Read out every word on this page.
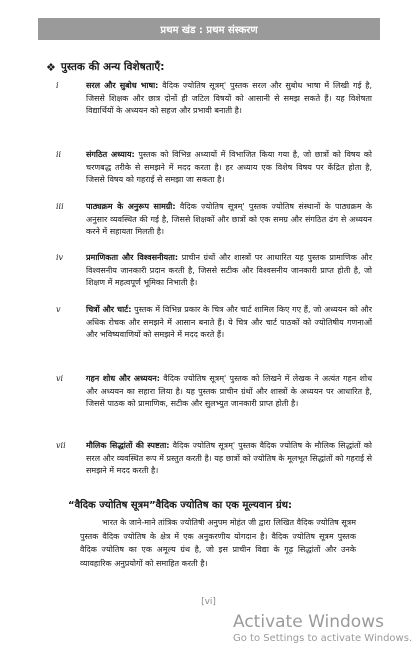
प्रथम खंड : प्रथम संस्करण
❖ पुस्तक की अन्य विशेषताएँ:
i	सरल और सुबोध भाषा: वैदिक ज्योतिष सूत्रम्' पुस्तक सरल और सुबोध भाषा में लिखी गई है, जिससे शिक्षक और छात्र दोनों ही जटिल विषयों को आसानी से समझ सकते हैं। यह विशेषता विद्यार्थियों के अध्ययन को सहज और प्रभावी बनाती है।
ii	संगठित अध्याय: पुस्तक को विभिन्न अध्यायों में विभाजित किया गया है, जो छात्रों को विषय को चरणबद्ध तरीके से समझने में मदद करता है। हर अध्याय एक विशेष विषय पर केंद्रित होता है, जिससे विषय को गहराई से समझा जा सकता है।
iii	पाठ्यक्रम के अनुरूप सामग्री: वैदिक ज्योतिष सूत्रम्' पुस्तक ज्योतिष संस्थानों के पाठ्यक्रम के अनुसार व्यवस्थित की गई है, जिससे शिक्षकों और छात्रों को एक समग्र और संगठित ढंग से अध्ययन करने में सहायता मिलती है।
iv	प्रमाणिकता और विश्वसनीयता: प्राचीन ग्रंथों और शास्त्रों पर आधारित यह पुस्तक प्रामाणिक और विश्वसनीय जानकारी प्रदान करती है, जिससे सटीक और विश्वसनीय जानकारी प्राप्त होती है, जो शिक्षण में महत्वपूर्ण भूमिका निभाती है।
v	चित्रों और चार्ट: पुस्तक में विभिन्न प्रकार के चित्र और चार्ट शामिल किए गए हैं, जो अध्ययन को और अधिक रोचक और समझने में आसान बनाते हैं। ये चित्र और चार्ट पाठकों को ज्योतिषीय गणनाओं और भविष्यवाणियों को समझने में मदद करते हैं।
vi	गहन शोध और अध्ययन: वैदिक ज्योतिष सूत्रम्' पुस्तक को लिखने में लेखक ने अत्यंत गहन शोध और अध्ययन का सहारा लिया है। यह पुस्तक प्राचीन ग्रंथों और शास्त्रों के अध्ययन पर आधारित है, जिससे पाठक को प्रामाणिक, सटीक और सुलभ्युत जानकारी प्राप्त होती है।
vii	मौलिक सिद्धांतों की स्पष्टता: वैदिक ज्योतिष सूत्रम्' पुस्तक वैदिक ज्योतिष के मौलिक सिद्धांतों को सरल और व्यवस्थित रूप में प्रस्तुत करती है। यह छात्रों को ज्योतिष के मूलभूत सिद्धांतों को गहराई से समझने में मदद करती है।
“वैदिक ज्योतिष सूत्रम”वैदिक ज्योतिष का एक मूल्यवान ग्रंथ:
भारत के जाने-माने तांत्रिक ज्योतिषी अनुपम मोहंत जी द्वारा लिखित वैदिक ज्योतिष सूत्रम पुस्तक वैदिक ज्योतिष के क्षेत्र में एक अनुकरणीय योगदान है। वैदिक ज्योतिष सूत्रम पुस्तक वैदिक ज्योतिष का एक अमूल्य ग्रंथ है, जो इस प्राचीन विद्या के गूढ़ सिद्धांतों और उनके व्यावहारिक अनुप्रयोगों को समाहित करती है।
[vi]
Activate Windows
Go to Settings to activate Windows.
